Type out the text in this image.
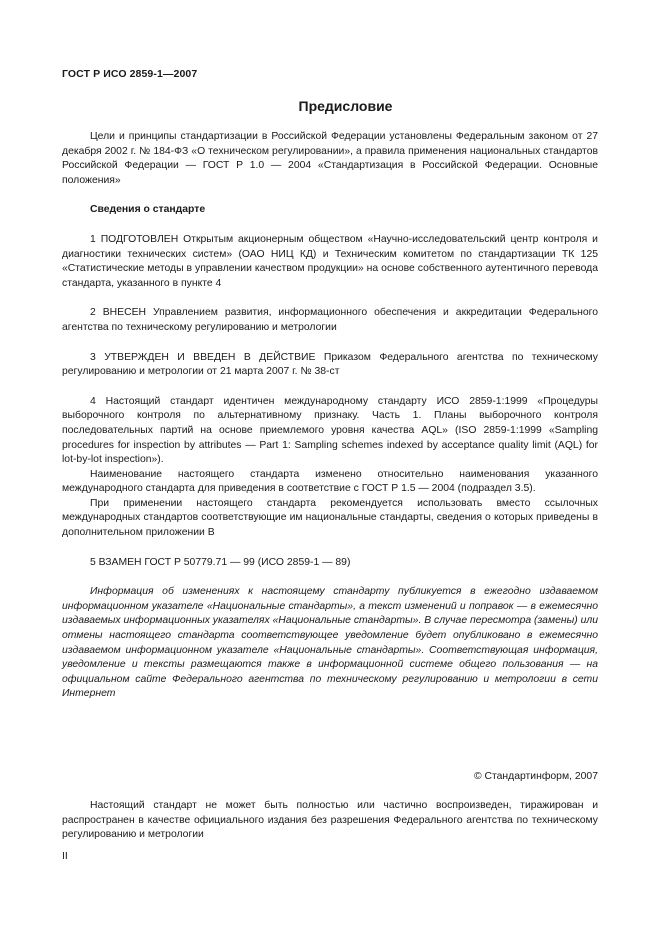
ГОСТ Р ИСО 2859-1—2007
Предисловие

Цели и принципы стандартизации в Российской Федерации установлены Федеральным законом от 27 декабря 2002 г. № 184-ФЗ «О техническом регулировании», а правила применения национальных стандартов Российской Федерации — ГОСТ Р 1.0 — 2004 «Стандартизация в Российской Федерации. Основные положения»

Сведения о стандарте

1 ПОДГОТОВЛЕН Открытым акционерным обществом «Научно-исследовательский центр контроля и диагностики технических систем» (ОАО НИЦ КД) и Техническим комитетом по стандартизации ТК 125 «Статистические методы в управлении качеством продукции» на основе собственного аутентичного перевода стандарта, указанного в пункте 4

2 ВНЕСЕН Управлением развития, информационного обеспечения и аккредитации Федерального агентства по техническому регулированию и метрологии

3 УТВЕРЖДЕН И ВВЕДЕН В ДЕЙСТВИЕ Приказом Федерального агентства по техническому регулированию и метрологии от 21 марта 2007 г. № 38-ст

4 Настоящий стандарт идентичен международному стандарту ИСО 2859-1:1999 «Процедуры выборочного контроля по альтернативному признаку. Часть 1. Планы выборочного контроля последовательных партий на основе приемлемого уровня качества AQL» (ISO 2859-1:1999 «Sampling procedures for inspection by attributes — Part 1: Sampling schemes indexed by acceptance quality limit (AQL) for lot-by-lot inspection»).

Наименование настоящего стандарта изменено относительно наименования указанного международного стандарта для приведения в соответствие с ГОСТ Р 1.5 — 2004 (подраздел 3.5).

При применении настоящего стандарта рекомендуется использовать вместо ссылочных международных стандартов соответствующие им национальные стандарты, сведения о которых приведены в дополнительном приложении В

5 ВЗАМЕН ГОСТ Р 50779.71 — 99 (ИСО 2859-1 — 89)

Информация об изменениях к настоящему стандарту публикуется в ежегодно издаваемом информационном указателе «Национальные стандарты», а текст изменений и поправок — в ежемесячно издаваемых информационных указателях «Национальные стандарты». В случае пересмотра (замены) или отмены настоящего стандарта соответствующее уведомление будет опубликовано в ежемесячно издаваемом информационном указателе «Национальные стандарты». Соответствующая информация, уведомление и тексты размещаются также в информационной системе общего пользования — на официальном сайте Федерального агентства по техническому регулированию и метрологии в сети Интернет

© Стандартинформ, 2007

Настоящий стандарт не может быть полностью или частично воспроизведен, тиражирован и распространен в качестве официального издания без разрешения Федерального агентства по техническому регулированию и метрологии

II
